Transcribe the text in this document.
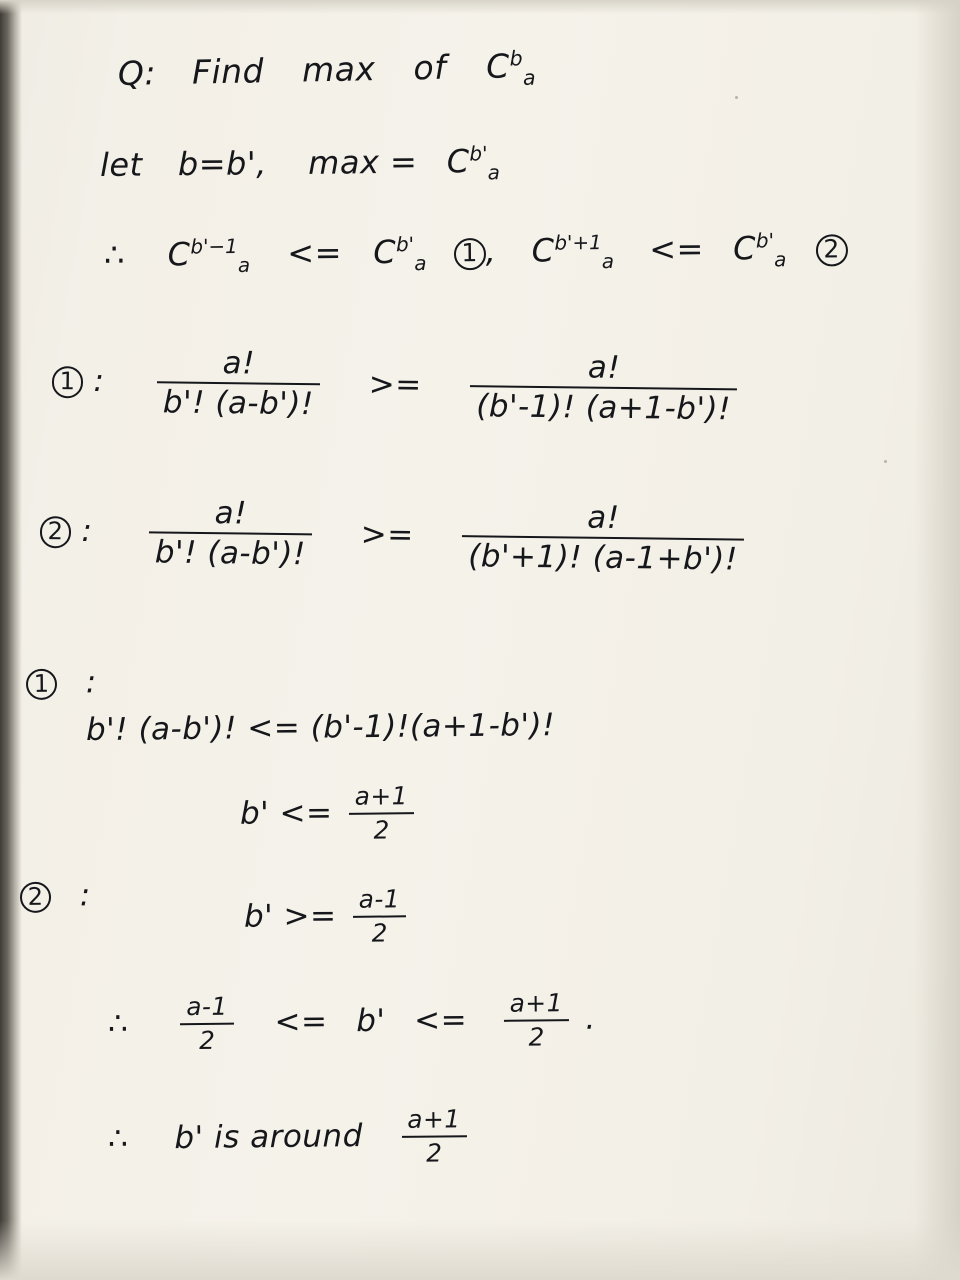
Q: Find max of $C^b_a$
let b=b', $\max = C^{b'}_a$
∴ $C^{b'-1}_a <= C^{b'}_a$ 1 , $C^{b'+1}_a <= C^{b'}_a$ 2
1 : $\frac{a!}{b'! (a-b')!} >= \frac{a!}{(b'-1)! (a+1-b')!}$
2 : $\frac{a!}{b'! (a-b')!} >= \frac{a!}{(b'+1)! (a-1+b')!}$
1 :
b'! (a-b')! <= (b'-1)!(a+1-b')!
$b' <= \frac{a+1}{2}$
2 :
$b' >= \frac{a-1}{2}$
∴ $\frac{a-1}{2} <= b' <= \frac{a+1}{2}$ .
∴ b' is around $\frac{a+1}{2}$
